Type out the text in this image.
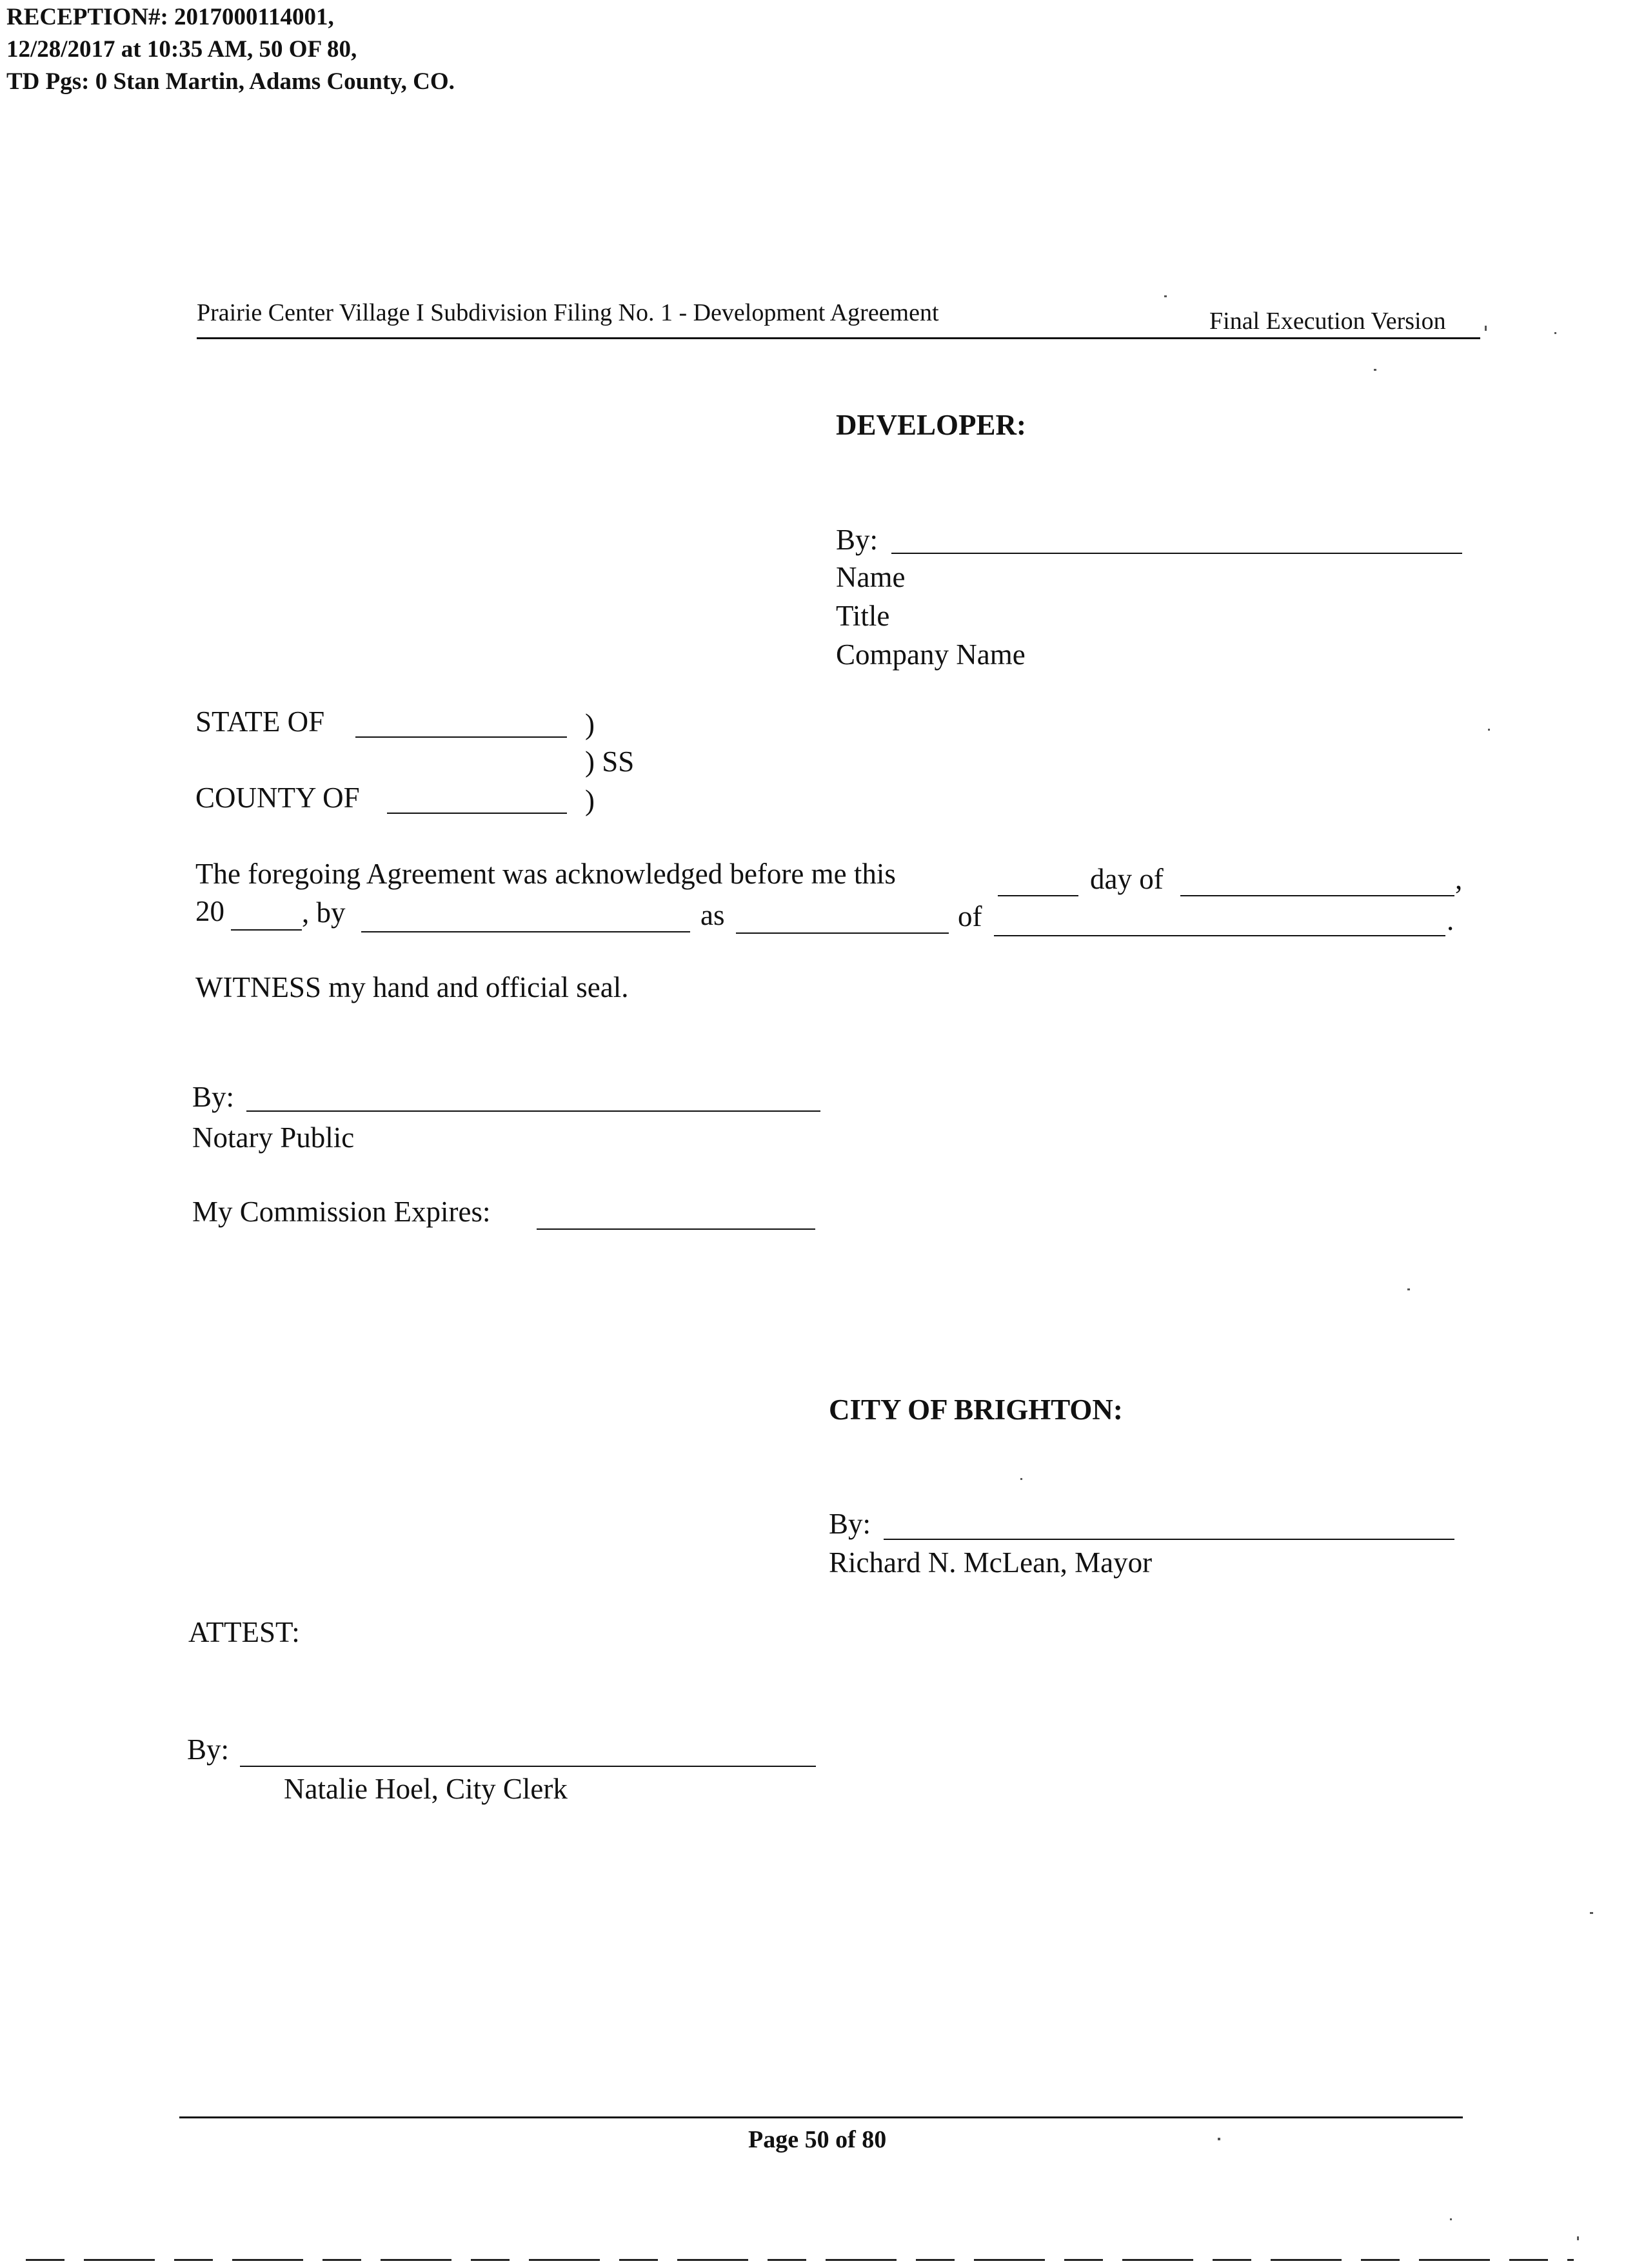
RECEPTION#: 2017000114001,
12/28/2017 at 10:35 AM, 50 OF 80,
TD Pgs: 0 Stan Martin, Adams County, CO.
Prairie Center Village I Subdivision Filing No. 1 - Development Agreement	Final Execution Version
DEVELOPER:
By:
Name
Title
Company Name
STATE OF	)
) SS
COUNTY OF	)
The foregoing Agreement was acknowledged before me this	day of	,
20	, by	as	of	.
WITNESS my hand and official seal.
By:
Notary Public
My Commission Expires:
CITY OF BRIGHTON:
By:
Richard N. McLean, Mayor
ATTEST:
By:
Natalie Hoel, City Clerk
Page 50 of 80
